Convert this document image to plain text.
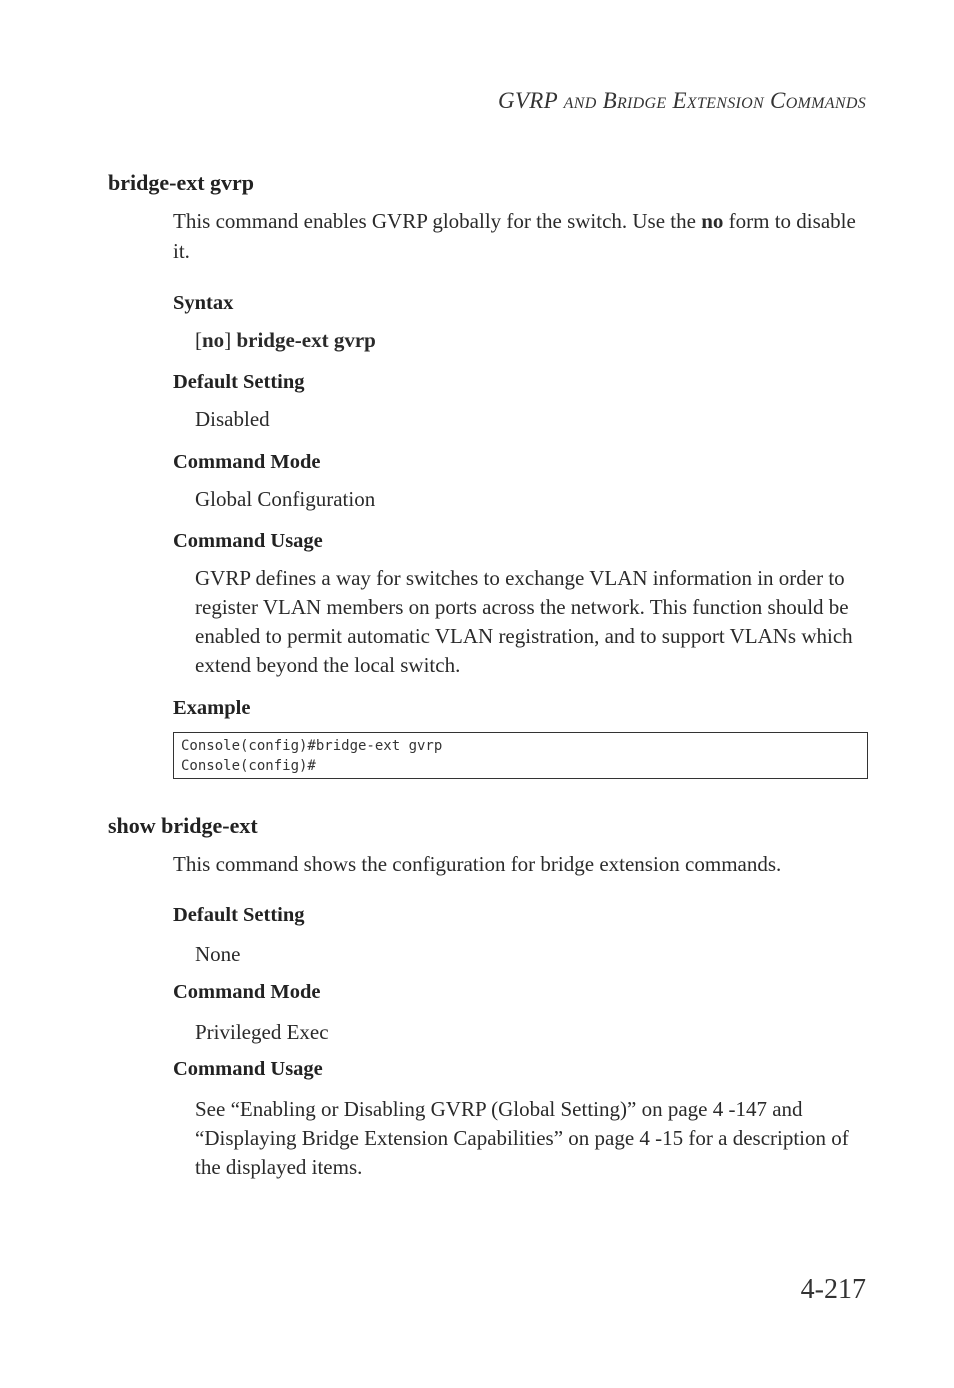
GVRP AND BRIDGE EXTENSION COMMANDS
bridge-ext gvrp
This command enables GVRP globally for the switch. Use the no form to disable it.
Syntax
[no] bridge-ext gvrp
Default Setting
Disabled
Command Mode
Global Configuration
Command Usage
GVRP defines a way for switches to exchange VLAN information in order to register VLAN members on ports across the network. This function should be enabled to permit automatic VLAN registration, and to support VLANs which extend beyond the local switch.
Example
Console(config)#bridge-ext gvrp
Console(config)#
show bridge-ext
This command shows the configuration for bridge extension commands.
Default Setting
None
Command Mode
Privileged Exec
Command Usage
See “Enabling or Disabling GVRP (Global Setting)” on page 4 -147 and “Displaying Bridge Extension Capabilities” on page 4 -15 for a description of the displayed items.
4-217
